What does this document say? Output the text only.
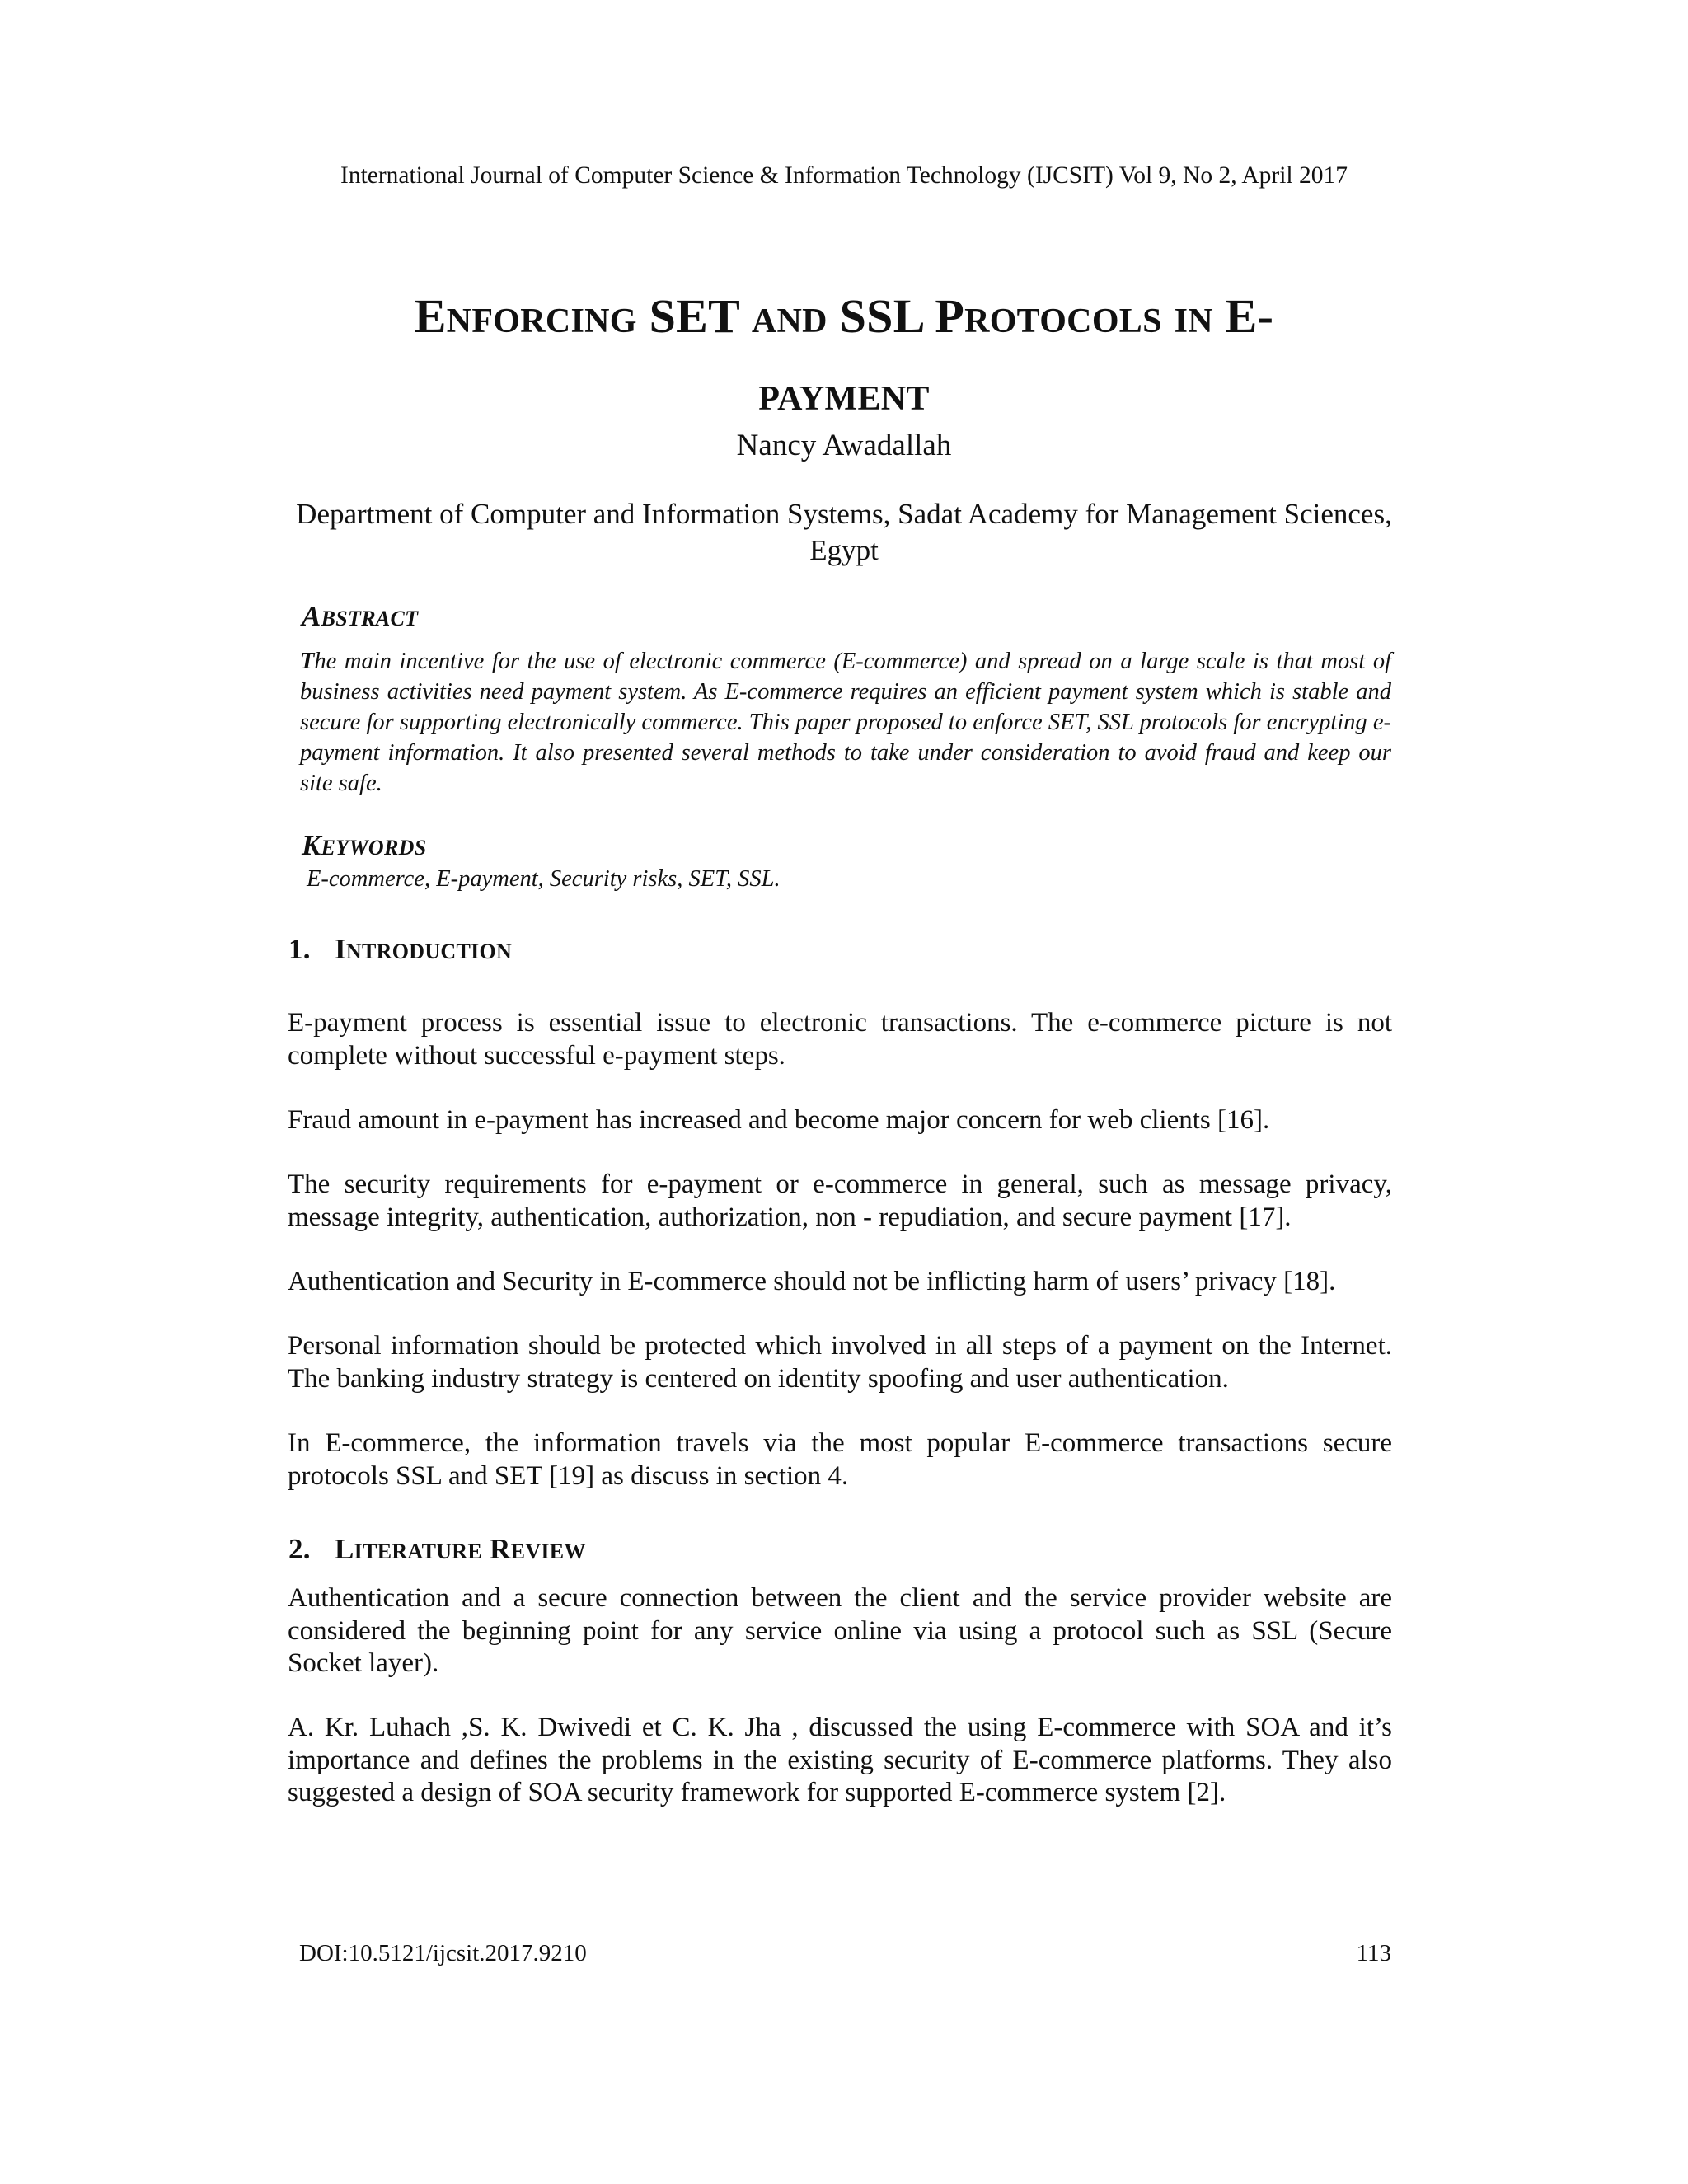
International Journal of Computer Science & Information Technology (IJCSIT) Vol 9, No 2, April 2017
ENFORCING SET AND SSL PROTOCOLS IN E-
PAYMENT
Nancy Awadallah
Department of Computer and Information Systems, Sadat Academy for Management Sciences, Egypt
ABSTRACT
The main incentive for the use of electronic commerce (E-commerce) and spread on a large scale is that most of business activities need payment system. As E-commerce requires an efficient payment system which is stable and secure for supporting electronically commerce. This paper proposed to enforce SET, SSL protocols for encrypting e-payment information. It also presented several methods to take under consideration to avoid fraud and keep our site safe.
KEYWORDS
E-commerce, E-payment, Security risks, SET, SSL.
1. INTRODUCTION
E-payment process is essential issue to electronic transactions. The e-commerce picture is not complete without successful e-payment steps.
Fraud amount in e-payment has increased and become major concern for web clients [16].
The security requirements for e-payment or e-commerce in general, such as message privacy, message integrity, authentication, authorization, non - repudiation, and secure payment [17].
Authentication and Security in E-commerce should not be inflicting harm of users’ privacy [18].
Personal information should be protected which involved in all steps of a payment on the Internet. The banking industry strategy is centered on identity spoofing and user authentication.
In E-commerce, the information travels via the most popular E-commerce transactions secure protocols SSL and SET [19] as discuss in section 4.
2. LITERATURE REVIEW
Authentication and a secure connection between the client and the service provider website are considered the beginning point for any service online via using a protocol such as SSL (Secure Socket layer).
A. Kr. Luhach ,S. K. Dwivedi et C. K. Jha , discussed the using E-commerce with SOA and it’s importance and defines the problems in the existing security of E-commerce platforms. They also suggested a design of SOA security framework for supported E-commerce system [2].
DOI:10.5121/ijcsit.2017.9210	113
